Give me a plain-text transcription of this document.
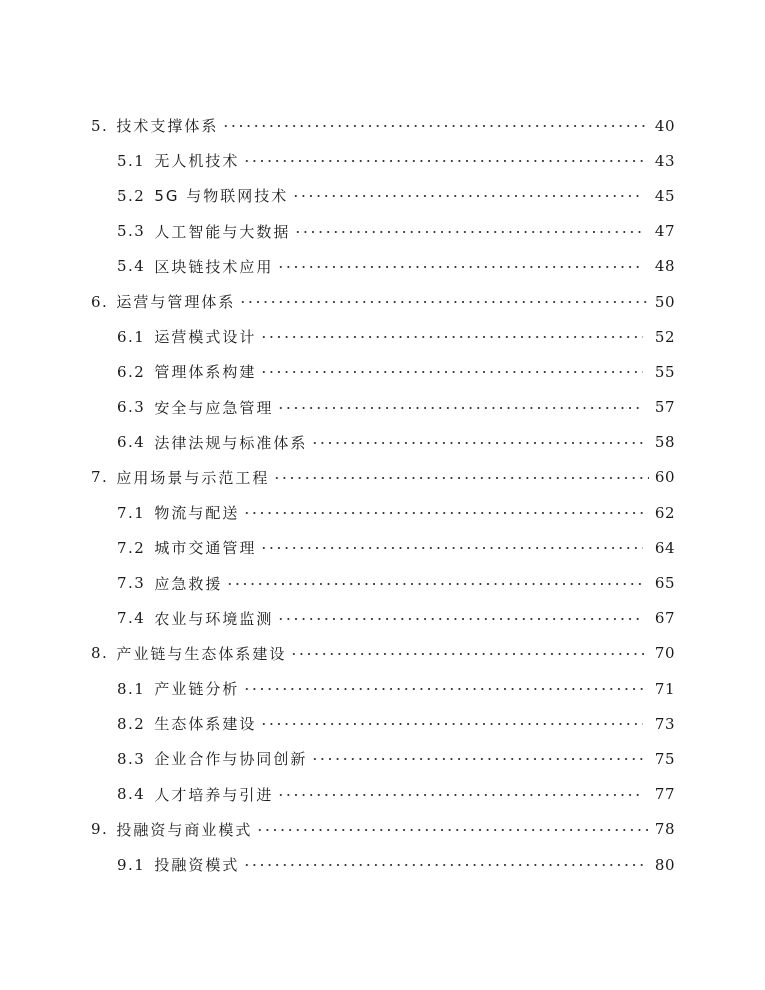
5. 技术支撑体系	40
5.1 无人机技术	43
5.2 5G 与物联网技术	45
5.3 人工智能与大数据	47
5.4 区块链技术应用	48
6. 运营与管理体系	50
6.1 运营模式设计	52
6.2 管理体系构建	55
6.3 安全与应急管理	57
6.4 法律法规与标准体系	58
7. 应用场景与示范工程	60
7.1 物流与配送	62
7.2 城市交通管理	64
7.3 应急救援	65
7.4 农业与环境监测	67
8. 产业链与生态体系建设	70
8.1 产业链分析	71
8.2 生态体系建设	73
8.3 企业合作与协同创新	75
8.4 人才培养与引进	77
9. 投融资与商业模式	78
9.1 投融资模式	80
